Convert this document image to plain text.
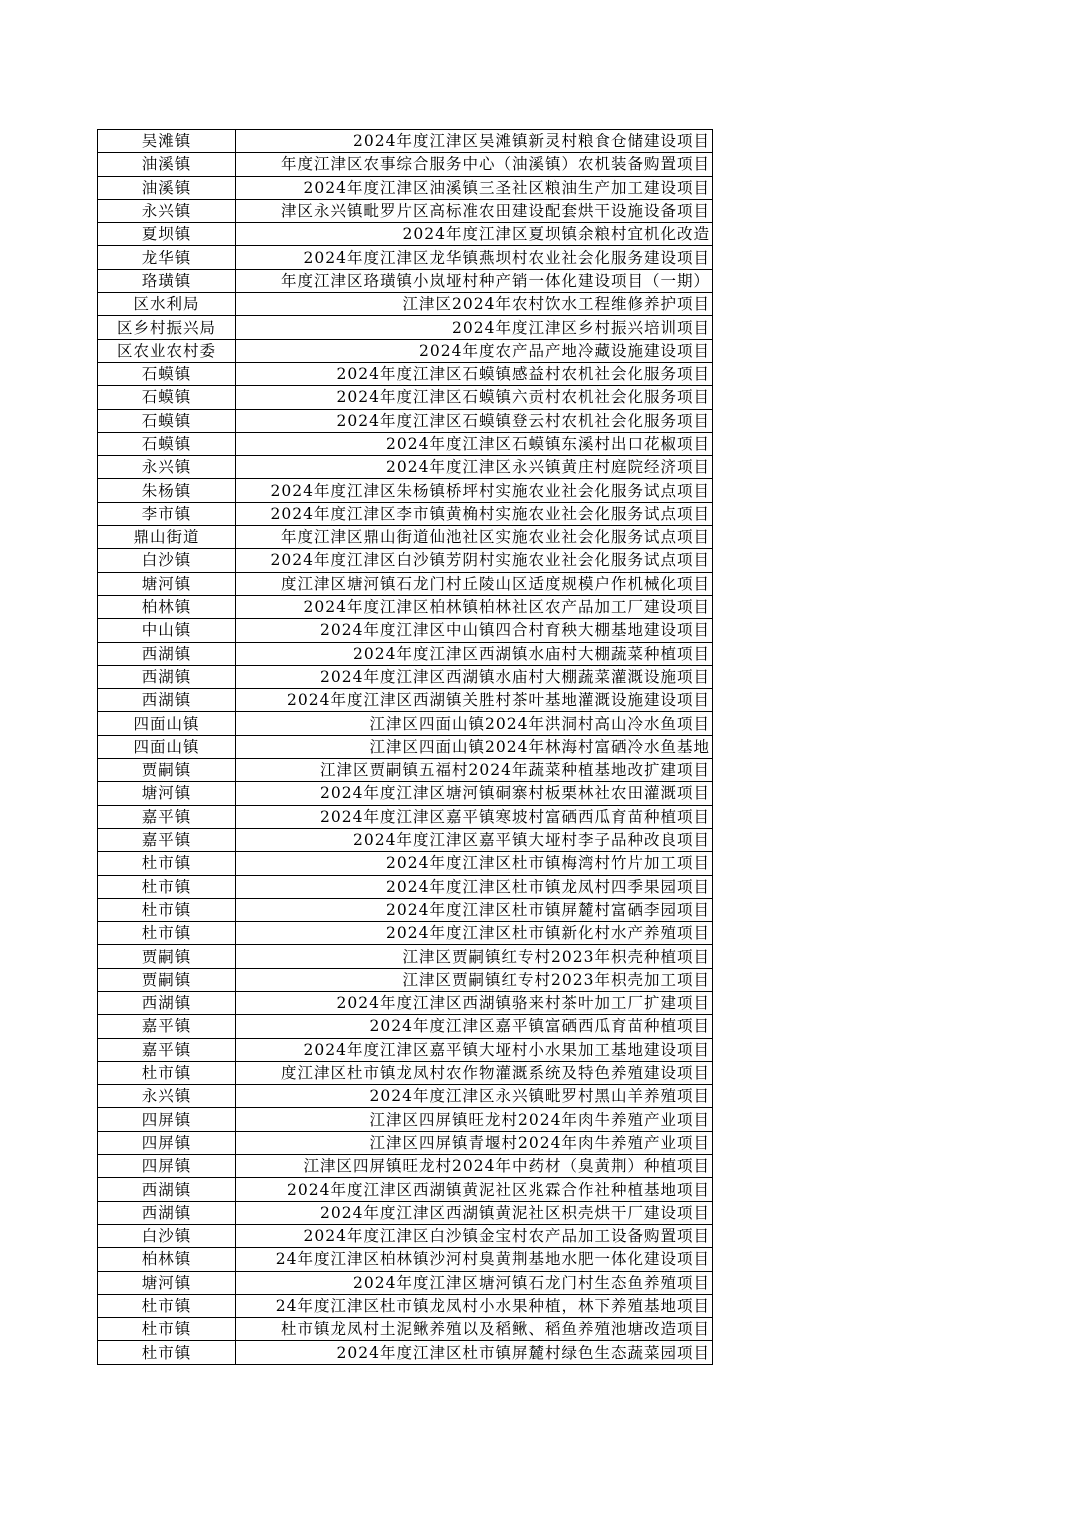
吴滩镇	2024年度江津区吴滩镇新灵村粮食仓储建设项目
油溪镇	年度江津区农事综合服务中心（油溪镇）农机装备购置项目
油溪镇	2024年度江津区油溪镇三圣社区粮油生产加工建设项目
永兴镇	津区永兴镇毗罗片区高标准农田建设配套烘干设施设备项目
夏坝镇	2024年度江津区夏坝镇余粮村宜机化改造
龙华镇	2024年度江津区龙华镇燕坝村农业社会化服务建设项目
珞璜镇	年度江津区珞璜镇小岚垭村种产销一体化建设项目（一期）
区水利局	江津区2024年农村饮水工程维修养护项目
区乡村振兴局	2024年度江津区乡村振兴培训项目
区农业农村委	2024年度农产品产地冷藏设施建设项目
石蟆镇	2024年度江津区石蟆镇感益村农机社会化服务项目
石蟆镇	2024年度江津区石蟆镇六贡村农机社会化服务项目
石蟆镇	2024年度江津区石蟆镇登云村农机社会化服务项目
石蟆镇	2024年度江津区石蟆镇东溪村出口花椒项目
永兴镇	2024年度江津区永兴镇黄庄村庭院经济项目
朱杨镇	2024年度江津区朱杨镇桥坪村实施农业社会化服务试点项目
李市镇	2024年度江津区李市镇黄桷村实施农业社会化服务试点项目
鼎山街道	年度江津区鼎山街道仙池社区实施农业社会化服务试点项目
白沙镇	2024年度江津区白沙镇芳阴村实施农业社会化服务试点项目
塘河镇	度江津区塘河镇石龙门村丘陵山区适度规模户作机械化项目
柏林镇	2024年度江津区柏林镇柏林社区农产品加工厂建设项目
中山镇	2024年度江津区中山镇四合村育秧大棚基地建设项目
西湖镇	2024年度江津区西湖镇水庙村大棚蔬菜种植项目
西湖镇	2024年度江津区西湖镇水庙村大棚蔬菜灌溉设施项目
西湖镇	2024年度江津区西湖镇关胜村茶叶基地灌溉设施建设项目
四面山镇	江津区四面山镇2024年洪洞村高山冷水鱼项目
四面山镇	江津区四面山镇2024年林海村富硒冷水鱼基地
贾嗣镇	江津区贾嗣镇五福村2024年蔬菜种植基地改扩建项目
塘河镇	2024年度江津区塘河镇硐寨村板栗林社农田灌溉项目
嘉平镇	2024年度江津区嘉平镇寒坡村富硒西瓜育苗种植项目
嘉平镇	2024年度江津区嘉平镇大垭村李子品种改良项目
杜市镇	2024年度江津区杜市镇梅湾村竹片加工项目
杜市镇	2024年度江津区杜市镇龙凤村四季果园项目
杜市镇	2024年度江津区杜市镇屏麓村富硒李园项目
杜市镇	2024年度江津区杜市镇新化村水产养殖项目
贾嗣镇	江津区贾嗣镇红专村2023年枳壳种植项目
贾嗣镇	江津区贾嗣镇红专村2023年枳壳加工项目
西湖镇	2024年度江津区西湖镇骆来村茶叶加工厂扩建项目
嘉平镇	2024年度江津区嘉平镇富硒西瓜育苗种植项目
嘉平镇	2024年度江津区嘉平镇大垭村小水果加工基地建设项目
杜市镇	度江津区杜市镇龙凤村农作物灌溉系统及特色养殖建设项目
永兴镇	2024年度江津区永兴镇毗罗村黑山羊养殖项目
四屏镇	江津区四屏镇旺龙村2024年肉牛养殖产业项目
四屏镇	江津区四屏镇青堰村2024年肉牛养殖产业项目
四屏镇	江津区四屏镇旺龙村2024年中药材（臭黄荆）种植项目
西湖镇	2024年度江津区西湖镇黄泥社区兆霖合作社种植基地项目
西湖镇	2024年度江津区西湖镇黄泥社区枳壳烘干厂建设项目
白沙镇	2024年度江津区白沙镇金宝村农产品加工设备购置项目
柏林镇	24年度江津区柏林镇沙河村臭黄荆基地水肥一体化建设项目
塘河镇	2024年度江津区塘河镇石龙门村生态鱼养殖项目
杜市镇	24年度江津区杜市镇龙凤村小水果种植，林下养殖基地项目
杜市镇	杜市镇龙凤村土泥鳅养殖以及稻鳅、稻鱼养殖池塘改造项目
杜市镇	2024年度江津区杜市镇屏麓村绿色生态蔬菜园项目
